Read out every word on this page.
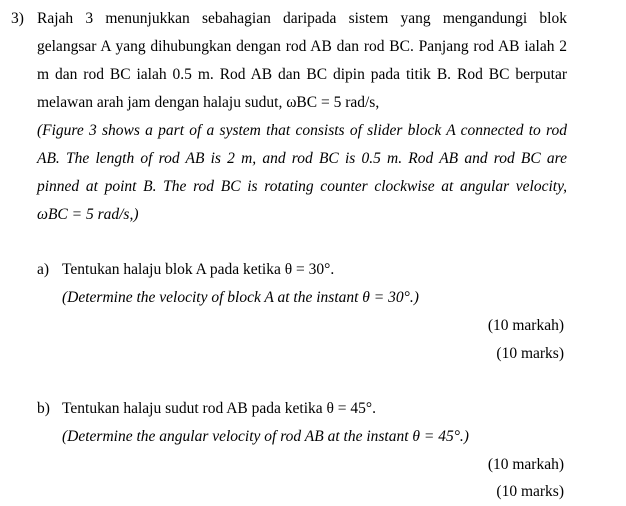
3) Rajah 3 menunjukkan sebahagian daripada sistem yang mengandungi blok
gelangsar A yang dihubungkan dengan rod AB dan rod BC. Panjang rod AB ialah 2
m dan rod BC ialah 0.5 m. Rod AB dan BC dipin pada titik B. Rod BC berputar
melawan arah jam dengan halaju sudut, ωBC = 5 rad/s,
(Figure 3 shows a part of a system that consists of slider block A connected to rod
AB. The length of rod AB is 2 m, and rod BC is 0.5 m. Rod AB and rod BC are
pinned at point B. The rod BC is rotating counter clockwise at angular velocity,
ωBC = 5 rad/s,)
a) Tentukan halaju blok A pada ketika θ = 30°.
(Determine the velocity of block A at the instant θ = 30°.)
(10 markah)
(10 marks)
b) Tentukan halaju sudut rod AB pada ketika θ = 45°.
(Determine the angular velocity of rod AB at the instant θ = 45°.)
(10 markah)
(10 marks)
